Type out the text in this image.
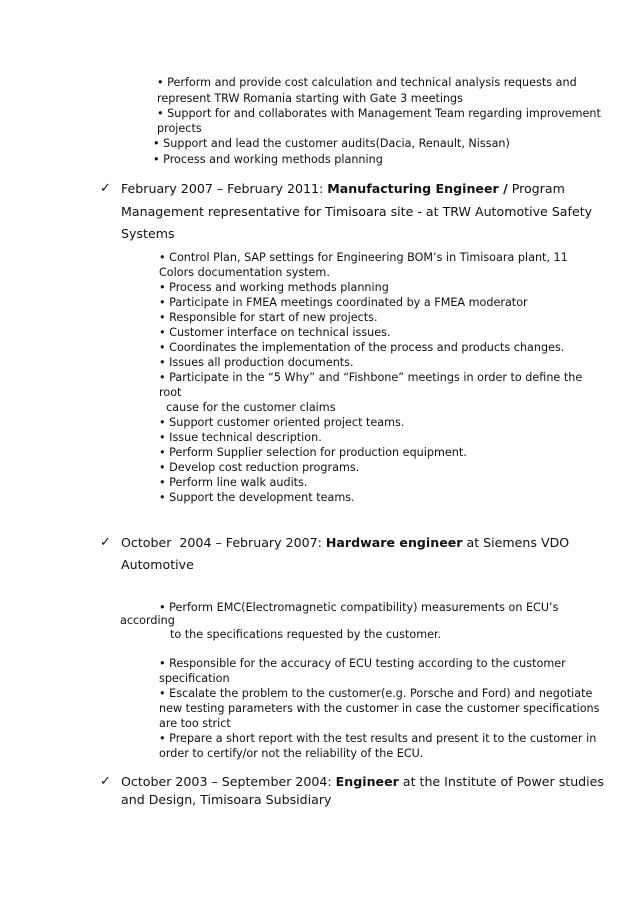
• Perform and provide cost calculation and technical analysis requests and
represent TRW Romania starting with Gate 3 meetings
• Support for and collaborates with Management Team regarding improvement
projects
• Support and lead the customer audits(Dacia, Renault, Nissan)
• Process and working methods planning
✓ February 2007 – February 2011: Manufacturing Engineer / Program
Management representative for Timisoara site - at TRW Automotive Safety
Systems
• Control Plan, SAP settings for Engineering BOM’s in Timisoara plant, 11
Colors documentation system.
• Process and working methods planning
• Participate in FMEA meetings coordinated by a FMEA moderator
• Responsible for start of new projects.
• Customer interface on technical issues.
• Coordinates the implementation of the process and products changes.
• Issues all production documents.
• Participate in the “5 Why” and “Fishbone” meetings in order to define the
root
cause for the customer claims
• Support customer oriented project teams.
• Issue technical description.
• Perform Supplier selection for production equipment.
• Develop cost reduction programs.
• Perform line walk audits.
• Support the development teams.
✓ October  2004 – February 2007: Hardware engineer at Siemens VDO
Automotive
• Perform EMC(Electromagnetic compatibility) measurements on ECU’s
according
to the specifications requested by the customer.
• Responsible for the accuracy of ECU testing according to the customer
specification
• Escalate the problem to the customer(e.g. Porsche and Ford) and negotiate
new testing parameters with the customer in case the customer specifications
are too strict
• Prepare a short report with the test results and present it to the customer in
order to certify/or not the reliability of the ECU.
✓ October 2003 – September 2004: Engineer at the Institute of Power studies
and Design, Timisoara Subsidiary
